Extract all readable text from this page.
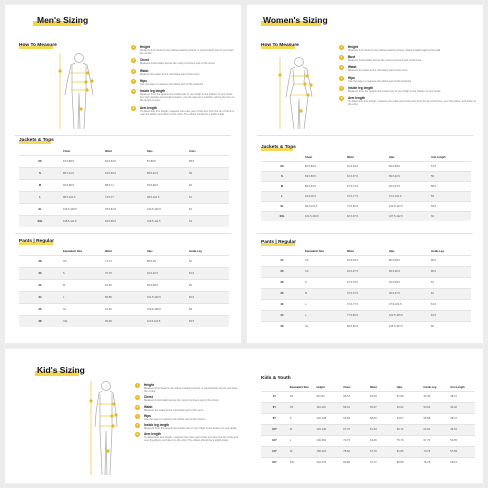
Men's Sizing
How To Measure	1	Height
Measure from head to toe without wearing shoes. A sports band may be put down the center.
2	Chest
Measure horizontally across the most prominent part of the chest.
3	Waist
Measure the waist at the narrowest part of the torso.
4	Hips
Use the tape to measure the fullest part of the buttocks.
5	Inside leg length
Measure from the uppermost inside part of your thigh to the bottom of your ankle. For high rise/low rise length trousers, use the tape as it matches where the hem of the length comes.
6	Arm length
To determine arm length, measure the outer part of the arm from the tip of the arm, over the elbow, and down to the wrist. The elbow should be a slight angle.
Jackets & Tops
	Chest	Waist	Hips	Arms
XS	87.5-88.5	62.5-63.5	87-88.5	58.5
S	88.5-91.5	63.5-66.5	88.5-91.5	59
M	93.5-96.5	68.5-71	93.5-96.5	60
L	98.5-101.5	73.5-77	98.5-101.5	61
XL	103.5-106.5	78.5-81.5	103.5-106.5	62
XXL	108.5-111.5	83.5-86.5	108.5-111.5	63
Pants | Regular
	Equivalent Size	Waist	Hips	Inside Leg
28	XS	71-73	88.5-90	81
30	S	76-78	91.5-93.5	81.5
32	M	81-83	96.5-98.5	82
34	L	86-88	101.5-103.5	82.5
36	XL	91-93	106.5-108.5	83
38	XXL	96-98	111.5-113.5	83.5
Women's Sizing
How To Measure	1	Height
Measure from head to toe without wearing shoes. Stand straight against the wall.
2	Bust
Measure horizontally across the most prominent part of the bust.
3	Waist
Measure the waist at the narrowest part of the torso.
4	Hips
Use the tape to measure the fullest part of the buttocks.
5	Inside leg length
Measure from the uppermost inside part of your thigh to the bottom of your ankle.
6	Arm length
To determine arm length, measure the outer part of the arm from the tip of the arm, over the elbow, and down to the wrist.
Jackets & Tops
	Chest	Waist	Hips	Arm Length
XS	80.5-83.5	61.5-64.5	86.5-89.5	57.5
S	83.5-86.5	64.5-67.5	89.5-92.5	58
M	86.5-91.5	67.5-72.5	92.5-97.5	58.5
L	91.5-96.5	72.5-77.5	97.5-102.5	59
XL	96.5-101.5	77.5-82.5	102.5-107.5	59.5
XXL	101.5-106.5	82.5-87.5	107.5-112.5	60
Pants | Regular
	Equivalent Size	Waist	Hips	Inside Leg
24	XS	61.5-64.5	86.5-89.5	80.5
26	XS	64.5-67.5	89.5-92.5	80.5
28	S	67.5-70.5	92.5-95.5	81
30	M	70.5-72.5	95.5-97.5	81
32	L	72.5-77.5	97.5-102.5	81.5
34	L	77.5-80.5	102.5-105.5	81.5
36	XL	80.5-82.5	105.5-107.5	82
Kid's Sizing
1	Height
Measure from head to toe without wearing shoes. A sports band may be put down the center.
2	Chest
Measure horizontally across the most prominent part of the chest.
3	Waist
Measure the waist at the narrowest part of the torso.
4	Hips
Use the tape to measure the fullest part of the bottom.
5	Inside leg length
Measure from the uppermost inside part of your thigh to the bottom of your ankle.
6	Arm length
To determine arm length, measure the outer part of the arm from the tip of the arm, over the elbow, and down to the wrist. The elbow should be a slight angle.
Kids & Youth
	Equivalent Size	Height	Chest	Waist	Hips	Inside Leg	Arm Length
4Y	XS	99-104	56-57	53-54	57-58	44-46	36-37
6Y	XS	110-116	59-61	55-57	60-62	50-52	40-42
8Y	S	122-128	63-65	58-60	64-67	56-58	45-47
10Y	M	134-140	67-70	61-63	69-72	62-64	49-51
12Y	L	146-152	72-76	64-66	75-79	67-70	53-55
14Y	XL	158-164	78-82	67-70	81-85	73-76	57-59
16Y	XXL	164-170	82-86	70-72	85-89	76-78	59-61
